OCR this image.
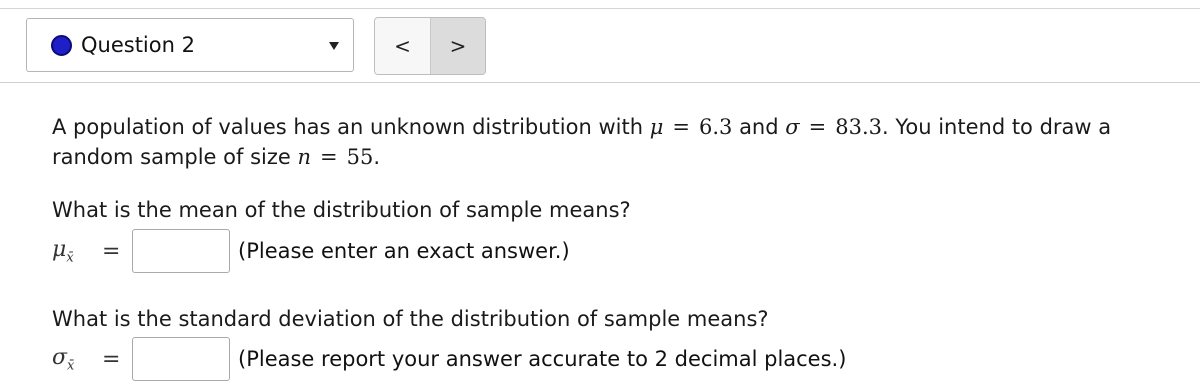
Question 2	<	>
A population of values has an unknown distribution with μ = 6.3 and σ = 83.3. You intend to draw a random sample of size n = 55.
What is the mean of the distribution of sample means?
$\mu_{x̄}$	=	(Please enter an exact answer.)
What is the standard deviation of the distribution of sample means?
$\sigma_{x̄}$	=	(Please report your answer accurate to 2 decimal places.)
